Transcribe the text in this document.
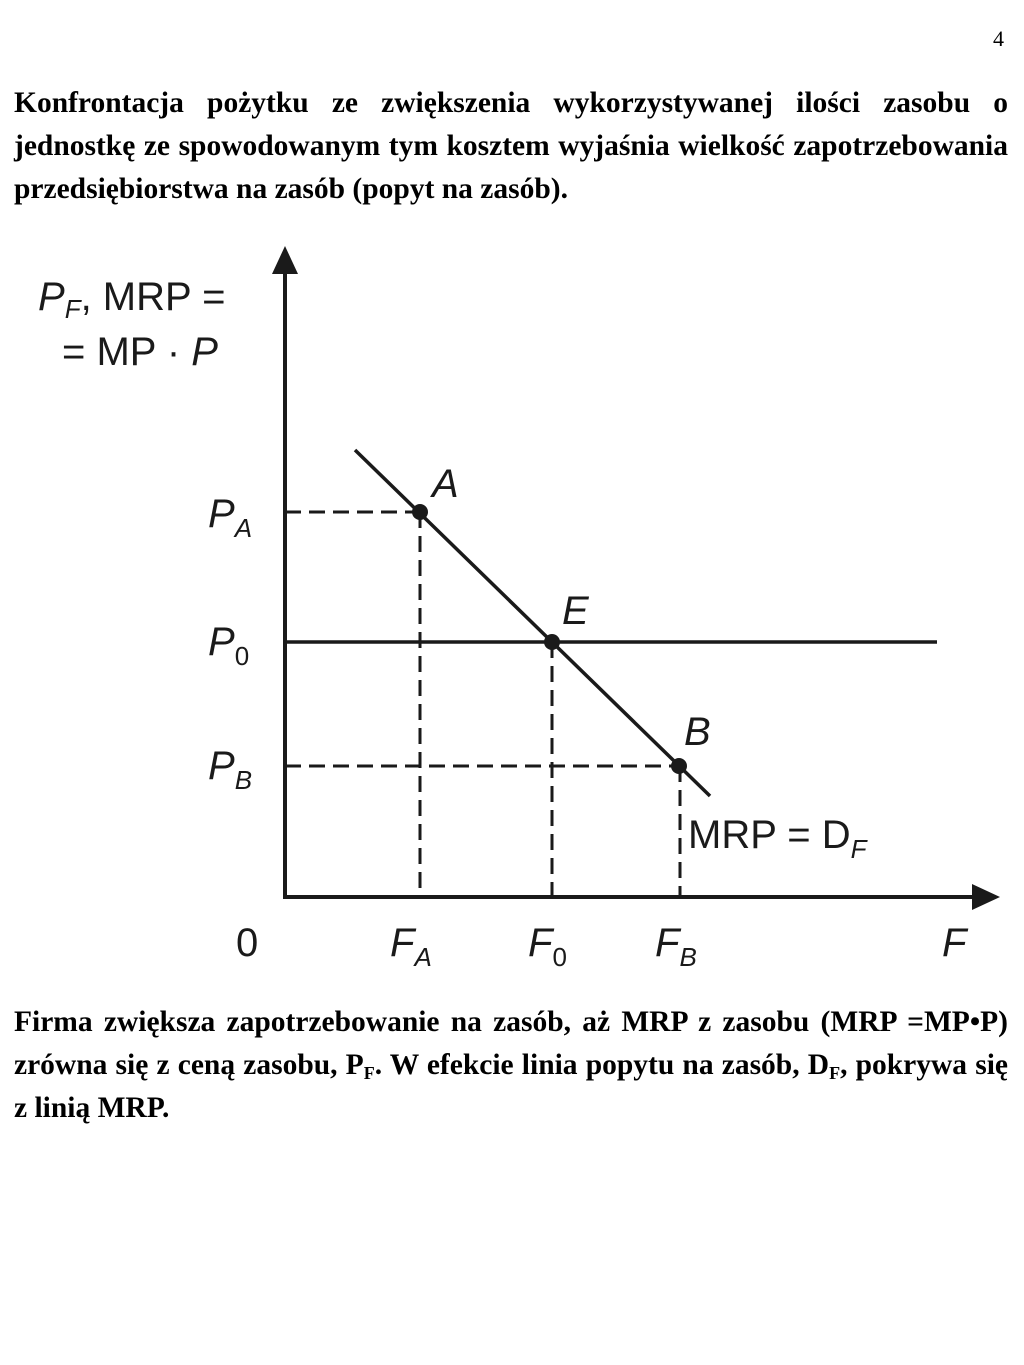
4

Konfrontacja pożytku ze zwiększenia wykorzystywanej ilości zasobu o jednostkę ze spowodowanym tym kosztem wyjaśnia wielkość zapotrzebowania przedsiębiorstwa na zasób (popyt na zasób).

A
E
B
$P_F$, MRP =
= MP · P
$P_A$
$P_0$
$P_B$
0	$F_A$ $F_0$ $F_B$	F
MRP = $D_F$

Firma zwiększa zapotrzebowanie na zasób, aż MRP z zasobu (MRP =MP•P) zrówna się z ceną zasobu, $P_F$. W efekcie linia popytu na zasób, $D_F$, pokrywa się z linią MRP.
